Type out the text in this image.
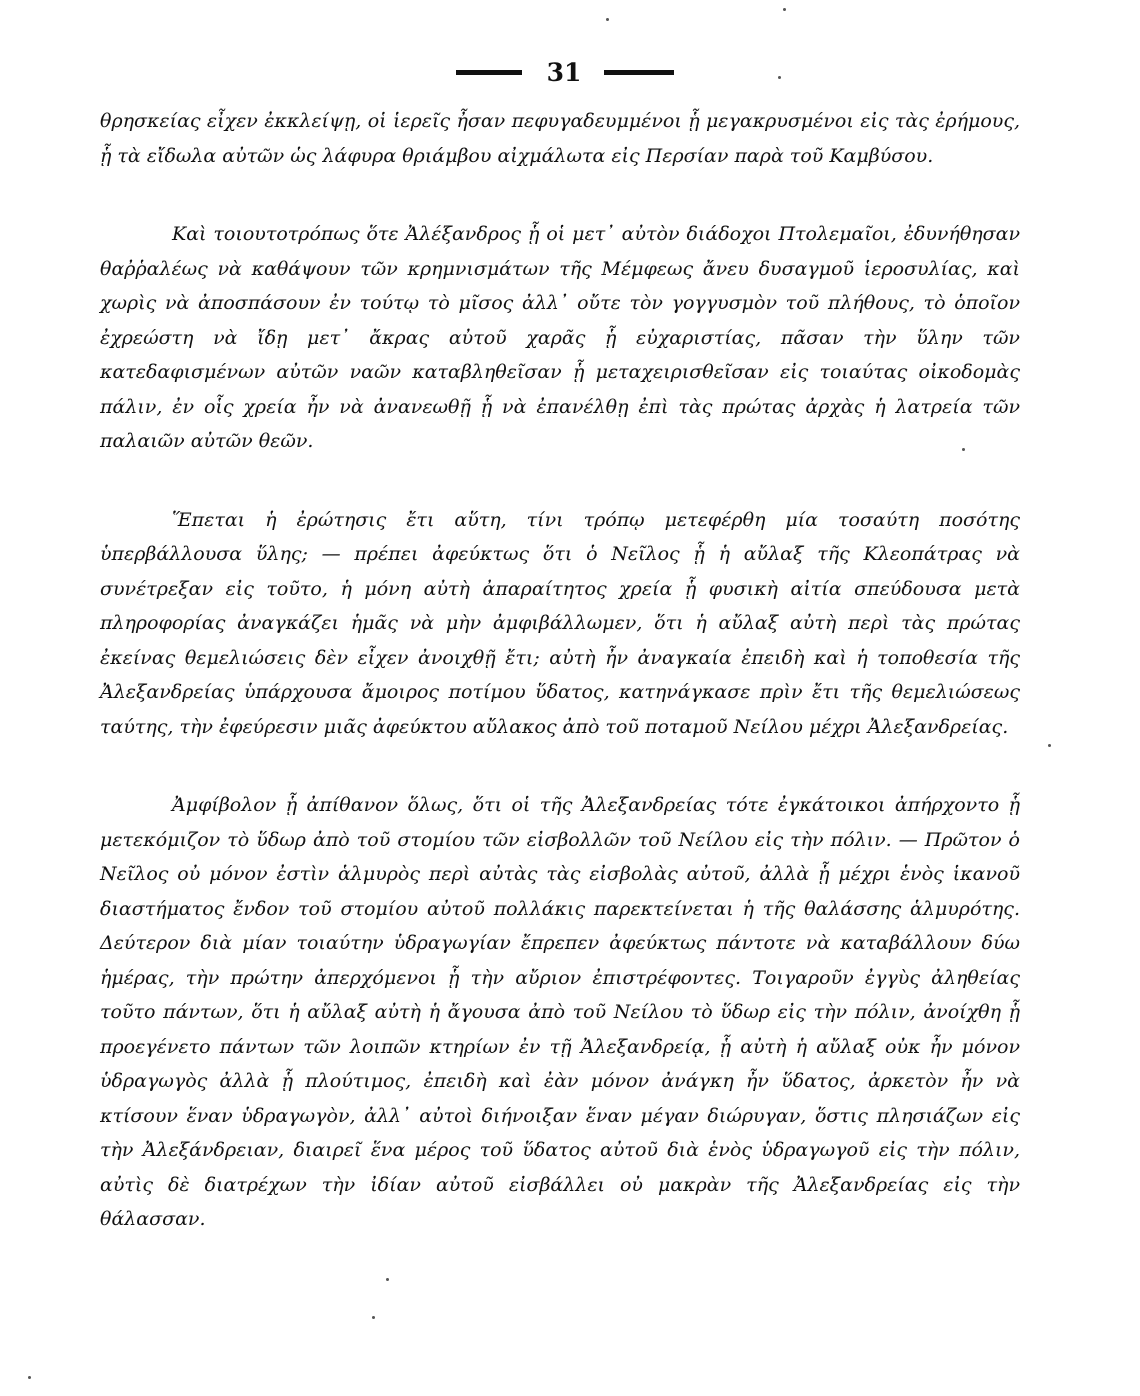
31

θρησκείας εἶχεν ἐκκλείψῃ, οἱ ἱερεῖς ἦσαν πεφυγαδευμμένοι ᾗ μεγακρυσμένοι εἰς τὰς ἐρήμους, ᾗ τὰ εἴδωλα αὐτῶν ὡς λάφυρα θριάμβου αἰχμάλωτα εἰς Περσίαν παρὰ τοῦ Καμβύσου.

Καὶ τοιουτοτρόπως ὅτε Ἀλέξανδρος ᾗ οἱ μετ᾽ αὐτὸν διάδοχοι Πτολεμαῖοι, ἐδυνήθησαν θαῤῥαλέως νὰ καθάψουν τῶν κρημνισμάτων τῆς Μέμφεως ἄνευ δυσαγμοῦ ἱεροσυλίας, καὶ χωρὶς νὰ ἀποσπάσουν ἐν τούτῳ τὸ μῖσος ἀλλ᾽ οὔτε τὸν γογγυσμὸν τοῦ πλήθους, τὸ ὁποῖον ἐχρεώστη νὰ ἴδῃ μετ᾽ ἄκρας αὐτοῦ χαρᾶς ᾗ εὐχαριστίας, πᾶσαν τὴν ὕλην τῶν κατεδαφισμένων αὐτῶν ναῶν καταβληθεῖσαν ᾗ μεταχειρισθεῖσαν εἰς τοιαύτας οἰκοδομὰς πάλιν, ἐν οἷς χρεία ἦν νὰ ἀνανεωθῇ ᾗ νὰ ἐπανέλθῃ ἐπὶ τὰς πρώτας ἀρχὰς ἡ λατρεία τῶν παλαιῶν αὐτῶν θεῶν.

Ἕπεται ἡ ἐρώτησις ἔτι αὕτη, τίνι τρόπῳ μετεφέρθη μία τοσαύτη ποσότης ὑπερβάλλουσα ὕλης; — πρέπει ἀφεύκτως ὅτι ὁ Νεῖλος ᾗ ἡ αὔλαξ τῆς Κλεοπάτρας νὰ συνέτρεξαν εἰς τοῦτο, ἡ μόνη αὐτὴ ἀπαραίτητος χρεία ᾗ φυσικὴ αἰτία σπεύδουσα μετὰ πληροφορίας ἀναγκάζει ἡμᾶς νὰ μὴν ἀμφιβάλλωμεν, ὅτι ἡ αὔλαξ αὐτὴ περὶ τὰς πρώτας ἐκείνας θεμελιώσεις δὲν εἶχεν ἀνοιχθῇ ἔτι; αὐτὴ ἦν ἀναγκαία ἐπειδὴ καὶ ἡ τοποθεσία τῆς Ἀλεξανδρείας ὑπάρχουσα ἄμοιρος ποτίμου ὕδατος, κατηνάγκασε πρὶν ἔτι τῆς θεμελιώσεως ταύτης, τὴν ἐφεύρεσιν μιᾶς ἀφεύκτου αὔλακος ἀπὸ τοῦ ποταμοῦ Νείλου μέχρι Ἀλεξανδρείας.

Ἀμφίβολον ᾗ ἀπίθανον ὅλως, ὅτι οἱ τῆς Ἀλεξανδρείας τότε ἐγκάτοικοι ἀπήρχοντο ᾗ μετεκόμιζον τὸ ὕδωρ ἀπὸ τοῦ στομίου τῶν εἰσβολλῶν τοῦ Νείλου εἰς τὴν πόλιν. — Πρῶτον ὁ Νεῖλος οὐ μόνον ἐστὶν ἁλμυρὸς περὶ αὐτὰς τὰς εἰσβολὰς αὐτοῦ, ἀλλὰ ᾗ μέχρι ἑνὸς ἱκανοῦ διαστήματος ἔνδον τοῦ στομίου αὐτοῦ πολλάκις παρεκτείνεται ἡ τῆς θαλάσσης ἁλμυρότης. Δεύτερον διὰ μίαν τοιαύτην ὑδραγωγίαν ἔπρεπεν ἀφεύκτως πάντοτε νὰ καταβάλλουν δύω ἡμέρας, τὴν πρώτην ἀπερχόμενοι ᾗ τὴν αὔριον ἐπιστρέφοντες. Τοιγαροῦν ἐγγὺς ἀληθείας τοῦτο πάντων, ὅτι ἡ αὔλαξ αὐτὴ ἡ ἄγουσα ἀπὸ τοῦ Νείλου τὸ ὕδωρ εἰς τὴν πόλιν, ἀνοίχθη ᾗ προεγένετο πάντων τῶν λοιπῶν κτηρίων ἐν τῇ Ἀλεξανδρείᾳ, ᾗ αὐτὴ ἡ αὔλαξ οὐκ ἦν μόνον ὑδραγωγὸς ἀλλὰ ᾗ πλούτιμος, ἐπειδὴ καὶ ἐὰν μόνον ἀνάγκη ἦν ὕδατος, ἀρκετὸν ἦν νὰ κτίσουν ἕναν ὑδραγωγὸν, ἀλλ᾽ αὐτοὶ διήνοιξαν ἕναν μέγαν διώρυγαν, ὅστις πλησιάζων εἰς τὴν Ἀλεξάνδρειαν, διαιρεῖ ἕνα μέρος τοῦ ὕδατος αὐτοῦ διὰ ἑνὸς ὑδραγωγοῦ εἰς τὴν πόλιν, αὐτὶς δὲ διατρέχων τὴν ἰδίαν αὐτοῦ εἰσβάλλει οὐ μακρὰν τῆς Ἀλεξανδρείας εἰς τὴν θάλασσαν.
